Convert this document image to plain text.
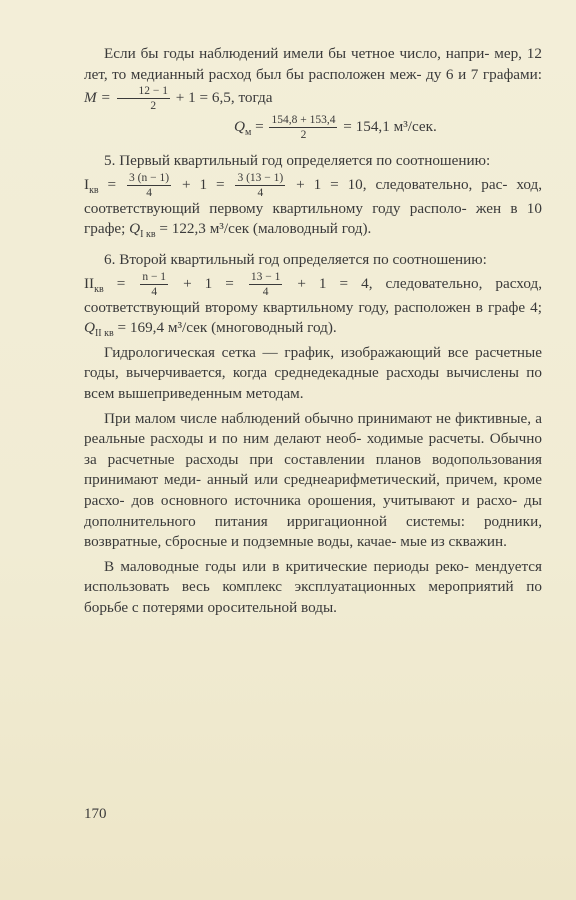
Если бы годы наблюдений имели бы четное число, напри- мер, 12 лет, то медианный расход был бы расположен меж- ду 6 и 7 графами: $M = \frac{12 - 1}{2} + 1 = 6,5$, тогда

$Q_м = \frac{154,8 + 153,4}{2} = 154,1$ м³/сек.

5. Первый квартильный год определяется по соотношению:

$I_{кв} = \frac{3 (n - 1)}{4} + 1 = \frac{3 (13 - 1)}{4} + 1 = 10$, следовательно, рас- ход, соответствующий первому квартильному году располо- жен в 10 графе; $Q_{I кв} = 122,3$ м³/сек (маловодный год).

6. Второй квартильный год определяется по соотношению:

$II_{кв} = \frac{n - 1}{4} + 1 = \frac{13 - 1}{4} + 1 = 4$, следовательно, расход, соответствующий второму квартильному году, расположен в графе 4; $Q_{II кв} = 169,4$ м³/сек (многоводный год).

Гидрологическая сетка — график, изображающий все расчетные годы, вычерчивается, когда среднедекадные расходы вычислены по всем вышеприведенным методам.

При малом числе наблюдений обычно принимают не фиктивные, а реальные расходы и по ним делают необ- ходимые расчеты. Обычно за расчетные расходы при составлении планов водопользования принимают меди- анный или среднеарифметический, причем, кроме расхо- дов основного источника орошения, учитывают и расхо- ды дополнительного питания ирригационной системы: родники, возвратные, сбросные и подземные воды, качае- мые из скважин.

В маловодные годы или в критические периоды реко- мендуется использовать весь комплекс эксплуатационных мероприятий по борьбе с потерями оросительной воды.

170
